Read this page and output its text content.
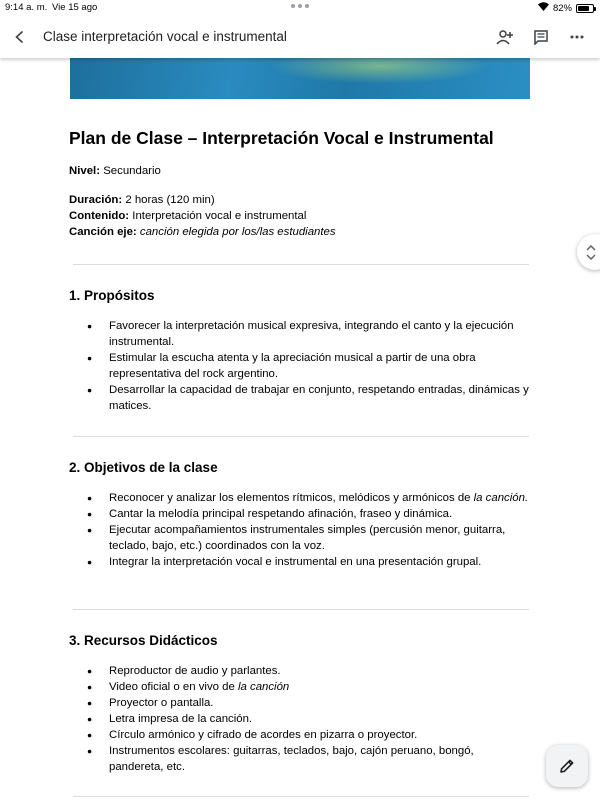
9:14 a. m. Vie 15 ago	82%
Clase interpretación vocal e instrumental
Plan de Clase – Interpretación Vocal e Instrumental
Nivel: Secundario
Duración: 2 horas (120 min)
Contenido: Interpretación vocal e instrumental
Canción eje: canción elegida por los/las estudiantes
1. Propósitos
● Favorecer la interpretación musical expresiva, integrando el canto y la ejecución instrumental.
● Estimular la escucha atenta y la apreciación musical a partir de una obra representativa del rock argentino.
● Desarrollar la capacidad de trabajar en conjunto, respetando entradas, dinámicas y matices.
2. Objetivos de la clase
● Reconocer y analizar los elementos rítmicos, melódicos y armónicos de la canción.
● Cantar la melodía principal respetando afinación, fraseo y dinámica.
● Ejecutar acompañamientos instrumentales simples (percusión menor, guitarra, teclado, bajo, etc.) coordinados con la voz.
● Integrar la interpretación vocal e instrumental en una presentación grupal.
3. Recursos Didácticos
● Reproductor de audio y parlantes.
● Video oficial o en vivo de la canción
● Proyector o pantalla.
● Letra impresa de la canción.
● Círculo armónico y cifrado de acordes en pizarra o proyector.
● Instrumentos escolares: guitarras, teclados, bajo, cajón peruano, bongó, pandereta, etc.
